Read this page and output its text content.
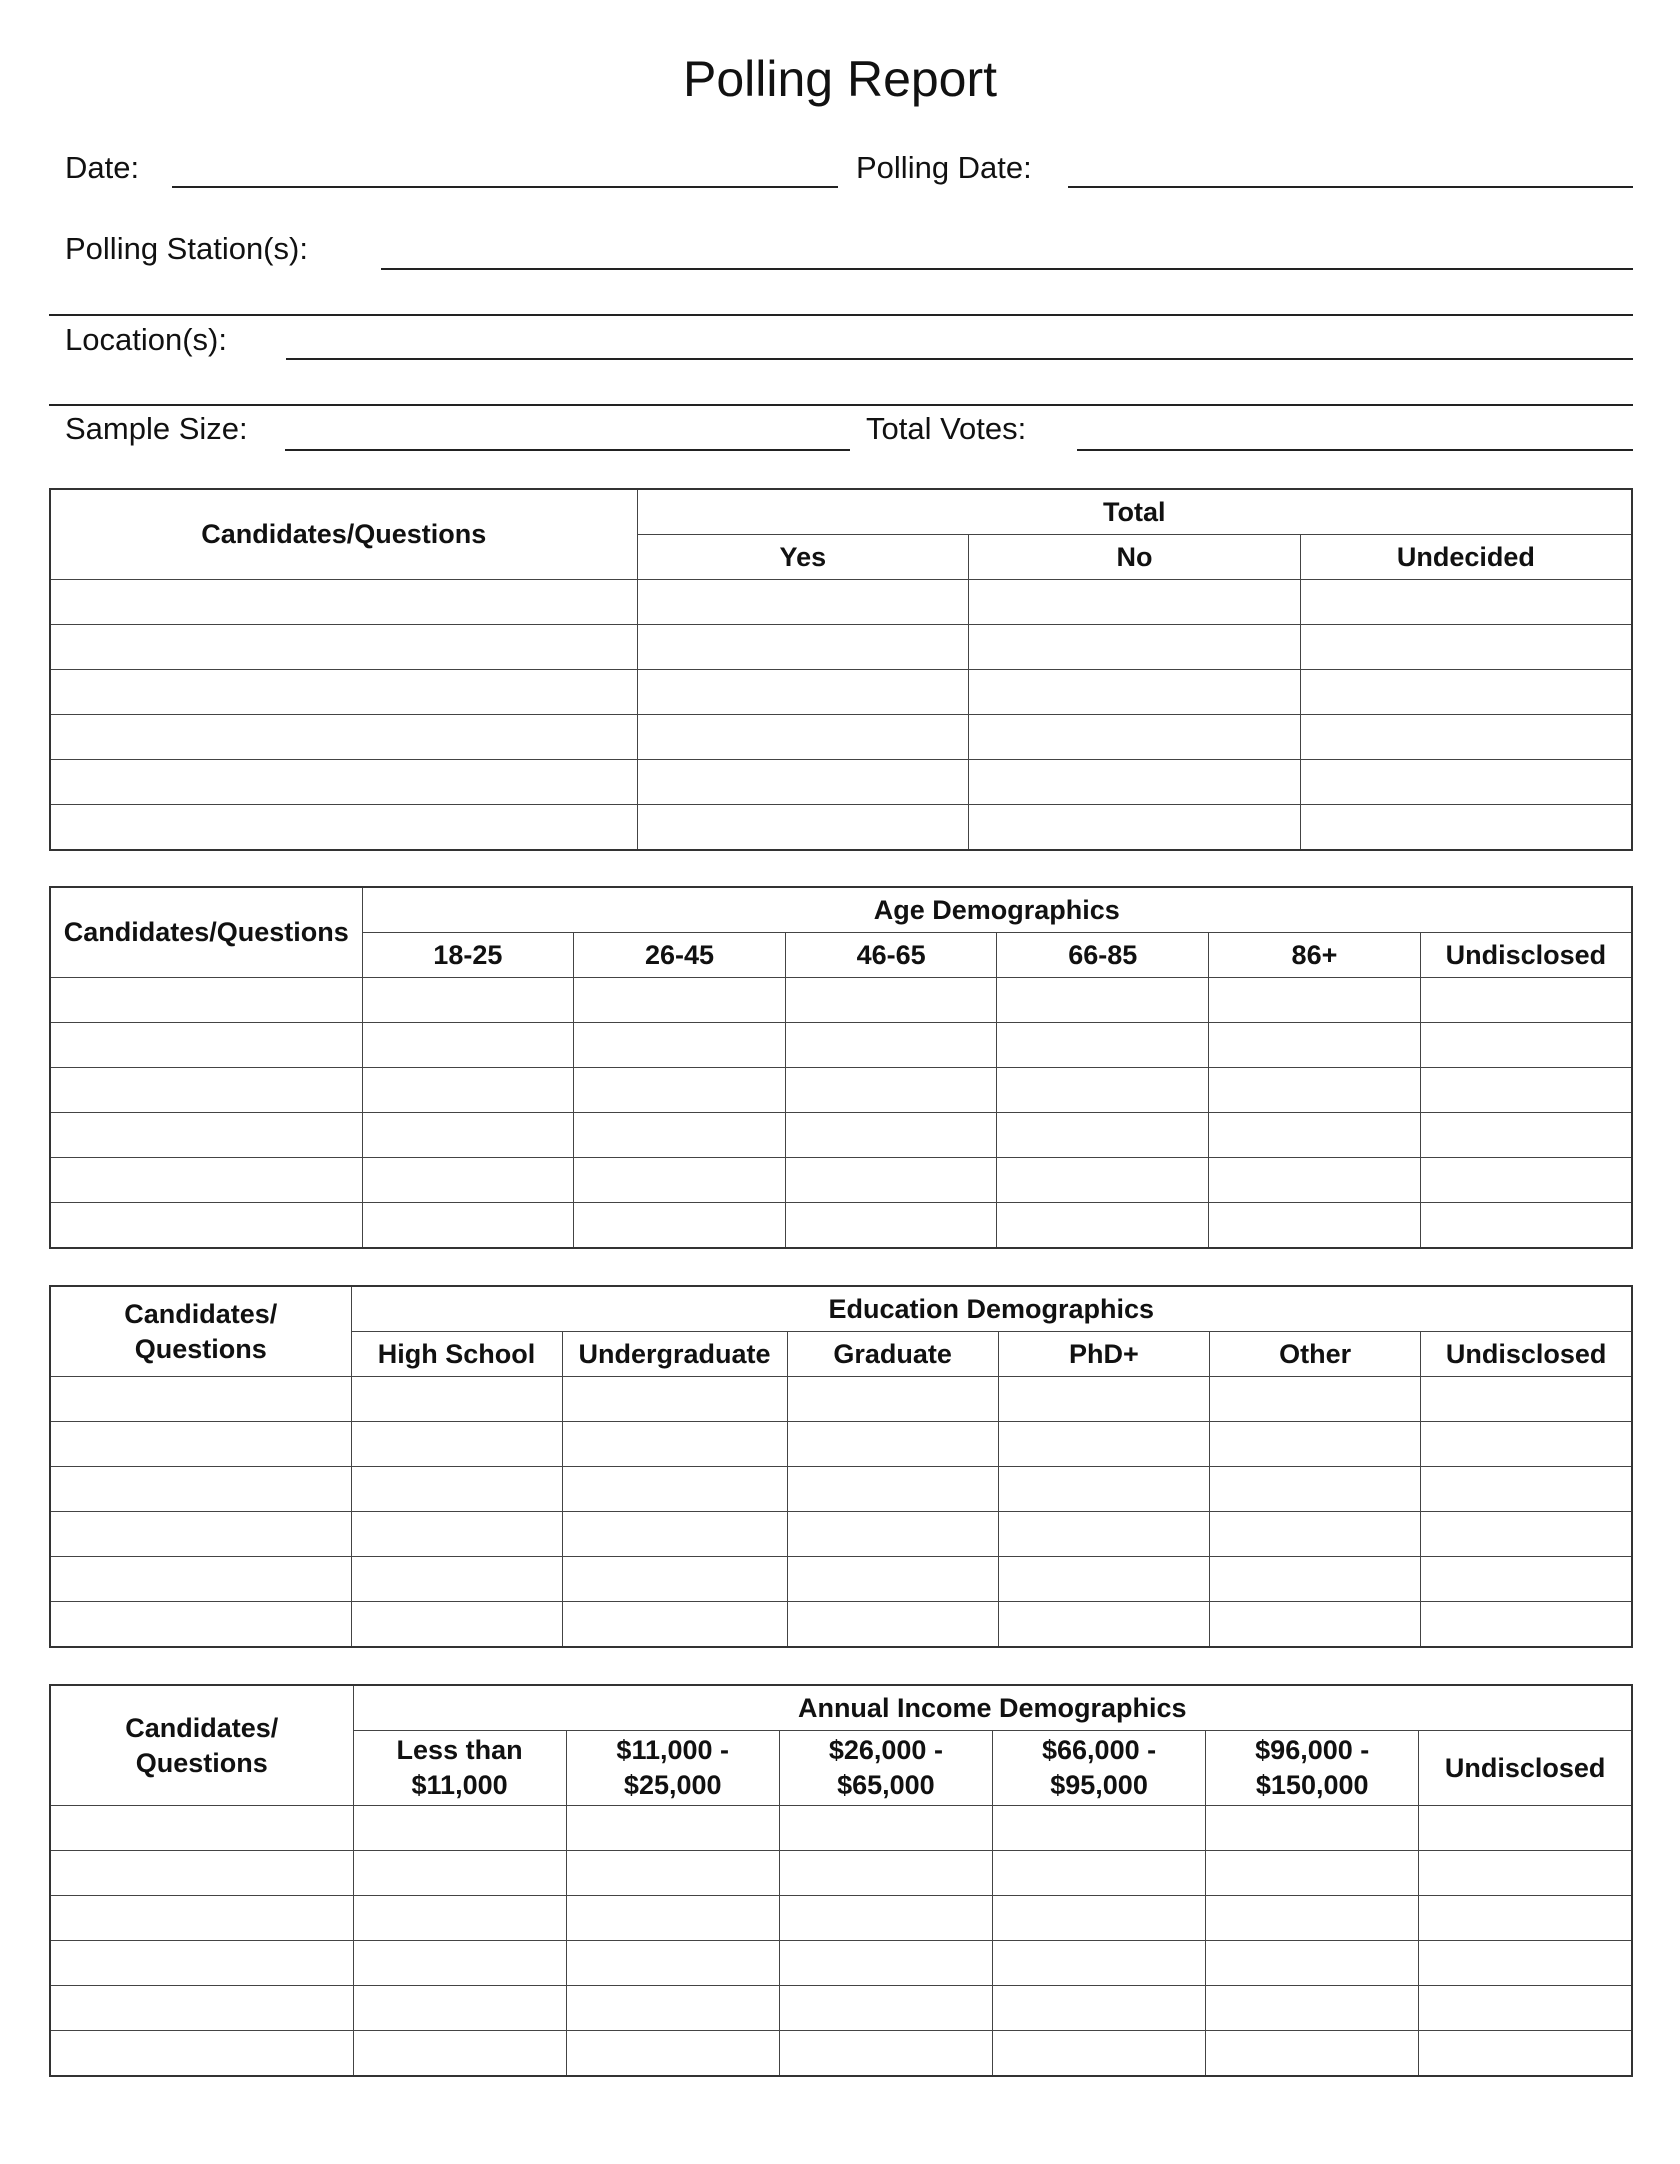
Polling Report
Date:	Polling Date:
Polling Station(s):
Location(s):
Sample Size:	Total Votes:
Candidates/Questions	Total		
	Yes	No	Undecided

Candidates/Questions	Age Demographics					
	18-25	26-45	46-65	66-85	86+	Undisclosed

Candidates/ Questions	Education Demographics					
	High School	Undergraduate	Graduate	PhD+	Other	Undisclosed

Candidates/ Questions	Annual Income Demographics					
	Less than $11,000	$11,000 - $25,000	$26,000 - $65,000	$66,000 - $95,000	$96,000 - $150,000	Undisclosed
